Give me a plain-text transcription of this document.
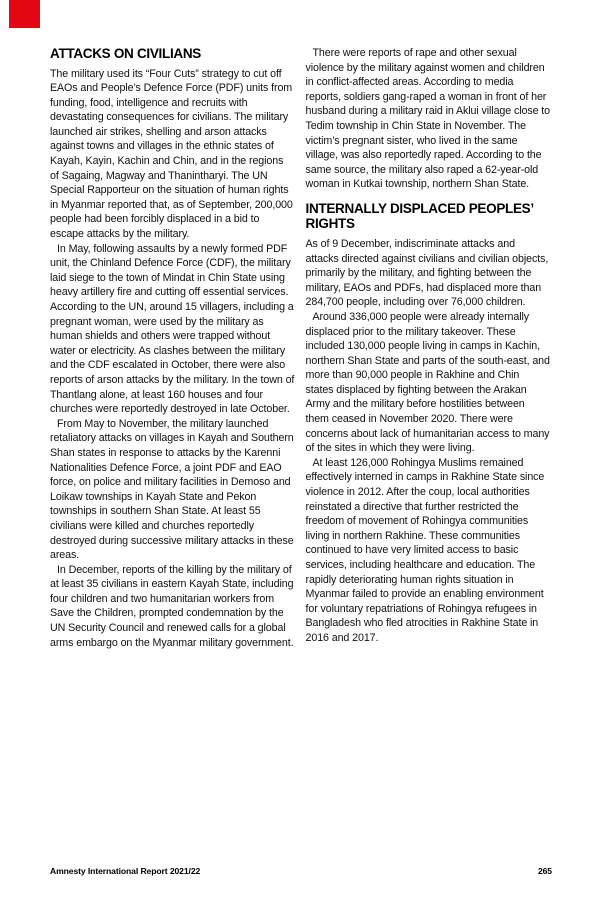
ATTACKS ON CIVILIANS

The military used its “Four Cuts” strategy to cut off EAOs and People’s Defence Force (PDF) units from funding, food, intelligence and recruits with devastating consequences for civilians. The military launched air strikes, shelling and arson attacks against towns and villages in the ethnic states of Kayah, Kayin, Kachin and Chin, and in the regions of Sagaing, Magway and Thanintharyi. The UN Special Rapporteur on the situation of human rights in Myanmar reported that, as of September, 200,000 people had been forcibly displaced in a bid to escape attacks by the military.

In May, following assaults by a newly formed PDF unit, the Chinland Defence Force (CDF), the military laid siege to the town of Mindat in Chin State using heavy artillery fire and cutting off essential services. According to the UN, around 15 villagers, including a pregnant woman, were used by the military as human shields and others were trapped without water or electricity. As clashes between the military and the CDF escalated in October, there were also reports of arson attacks by the military. In the town of Thantlang alone, at least 160 houses and four churches were reportedly destroyed in late October.

From May to November, the military launched retaliatory attacks on villages in Kayah and Southern Shan states in response to attacks by the Karenni Nationalities Defence Force, a joint PDF and EAO force, on police and military facilities in Demoso and Loikaw townships in Kayah State and Pekon townships in southern Shan State. At least 55 civilians were killed and churches reportedly destroyed during successive military attacks in these areas.

In December, reports of the killing by the military of at least 35 civilians in eastern Kayah State, including four children and two humanitarian workers from Save the Children, prompted condemnation by the UN Security Council and renewed calls for a global arms embargo on the Myanmar military government.

There were reports of rape and other sexual violence by the military against women and children in conflict-affected areas. According to media reports, soldiers gang-raped a woman in front of her husband during a military raid in Aklui village close to Tedim township in Chin State in November. The victim’s pregnant sister, who lived in the same village, was also reportedly raped. According to the same source, the military also raped a 62-year-old woman in Kutkai township, northern Shan State.

INTERNALLY DISPLACED PEOPLES’ RIGHTS

As of 9 December, indiscriminate attacks and attacks directed against civilians and civilian objects, primarily by the military, and fighting between the military, EAOs and PDFs, had displaced more than 284,700 people, including over 76,000 children.

Around 336,000 people were already internally displaced prior to the military takeover. These included 130,000 people living in camps in Kachin, northern Shan State and parts of the south-east, and more than 90,000 people in Rakhine and Chin states displaced by fighting between the Arakan Army and the military before hostilities between them ceased in November 2020. There were concerns about lack of humanitarian access to many of the sites in which they were living.

At least 126,000 Rohingya Muslims remained effectively interned in camps in Rakhine State since violence in 2012. After the coup, local authorities reinstated a directive that further restricted the freedom of movement of Rohingya communities living in northern Rakhine. These communities continued to have very limited access to basic services, including healthcare and education. The rapidly deteriorating human rights situation in Myanmar failed to provide an enabling environment for voluntary repatriations of Rohingya refugees in Bangladesh who fled atrocities in Rakhine State in 2016 and 2017.

Amnesty International Report 2021/22	265
